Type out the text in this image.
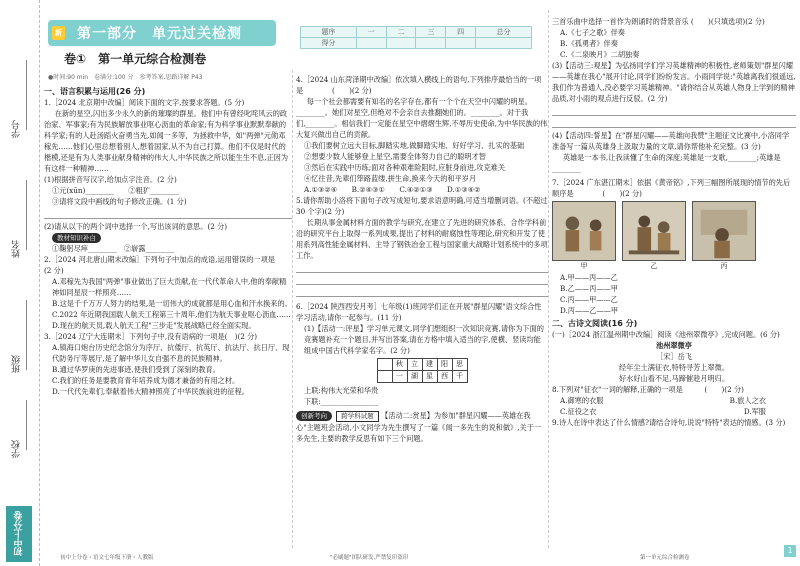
学号
姓名
班级
学校
初中上分卷
新 第一部分　单元过关检测	题序	一	二	三	四	总分
得分					
卷①　第一单元综合检测卷
●时间:90 min　卷满分:100 分　参考答案,思路详解 P43
一、语言积累与运用(26 分)
1.［2024 北京期中改编］阅读下面的文字,按要求答题。(5 分)
在新的星空,闪出多少永久的新的璀璨的群星。他们中有曾经叱咤风云的政治家、军事家;有为民族解放事业呕心沥血的革命家;有为科学事业默默奉献的科学家;有的人赴汤蹈火奋勇当先,如闻一多等，为拯救中华，如"两弹"元勋邓稼先……他们心里总想着别人,想着国家,从不为自己打算。他们不仅是时代的楷模,还是有为人类事业献身精神的伟大人,中华民族之所以能生生不息,正因为有这样一种精神……
(1)根据拼音写汉字,给加点字注音。(2 分)
①元(xūn)________　　②粗犷________
③请将文段中画线的句子修改正确。(1 分)
(2)请从以下的两个词中选择一个,写出该词的意思。(2 分)
教材知识补白
①鞠躬尽瘁________　②崭露________
2.［2024 河北唐山期末改编］下列句子中加点的成语,运用错误的一项是　　　　(2 分)
A.邓稼先为我国"两弹"事业做出了巨大贡献,在一代代革命人中,他的奉献精神如同星辰一样照亮……
B.这是千千万万人努力的结果,是一切伟大的成就都是用心血和汗水换来的。
C.2022 年近期我国载人航天工程第三十周年,他们为航天事业呕心沥血……
D.现在的航天员,载人航天工程"三步走"发展战略已经全面实现。
3.［2024 辽宁大连期末］下列句子中,没有语病的一项是(　)(2 分)
A.镇海口炮台历史纪念馆分为序厅、抗倭厅、抗英厅、抗法厅、抗日厅、现代防务厅等展厅,是了解中华儿女自强不息的民族精神。
B.通过华罗庚的先进事迹,使我们受到了深刻的教育。
C.我们的任务是要教育青年培养成为德才兼备的有用之材。
D.一代代先辈们,奉献着伟大精神照亮了中华民族前进的征程。
4.［2024 山东菏泽期中改编］依次填入横线上的语句,下列排序最恰当的一项是　　　　(　　)(2 分)
每一个社会都需要有知名的名字存在,都有一个个在天空中闪耀的明星。________。她们对星空,但绝对不会亲自去推翻她们的。________。对于我们,________。相信我们一定能在星空中熠熠生辉,不辱历史使命,为中华民族的伟大复兴做出自己的贡献。
①我们要树立远大目标,脚踏实地,做脚踏实地、好好学习、扎实的基础
②想要少数人能够登上星空,需要全体努力自己的聪明才智
③然后在实践中历练;面对各种艰难险阻时,应脏身前进,攻克难关
④忆往昔,先辈们筚路蓝缕,拼生命,换来今天的和平岁月
A.①③②④　　B.②④③①　　C.④②①③　　D.①③④②
5.请你帮助小洛将下面句子改写成短句,要求语意明确,可适当增删词语。(不超过 30 个字)(2 分)
长期从事金属材料方面的教学与研究,在建立了先进的研究体系、合作学科前沿的研究平台上取得一系列成果,提出了材料的耐腐蚀性等理论,研究和开发了使用系列高性能金属材料、主导了钢铁冶金工程与国家重大战略计划系统中的多项工作。
6.［2024 陕西西安月考］七年级(1)班同学们正在开展"群星闪耀"语文综合性学习活动,请你一起参与。(11 分)
(1)【活动一:评星】学习单元课文,同学们想组织一次知识竞赛,请你为下面的竞赛题补充一个题目,并写出答案,请在方格中填入适当的字,使横、竖读均能组成中国古代科学家名字。(2 分)
	秋	立	建	阳	思
	一	湖	星	西	千
上联:构伟大光荣和华贵
下联:________________
创新考向 跨学科试题 【活动二:赏星】为参加"群星闪耀——英雄在我心"主题班会活动,小文同学为先生撰写了一篇《闻一多先生的说和做》,关于一多先生,主要的教学反思有如下三个问题。
三首乐曲中选择一首作为朗诵时的背景音乐 (　　)(只填选项)(2 分)
A.《七子之歌》伴奏
B.《孤勇者》伴奏
C.《二泉映月》二胡独奏
(3)【活动三:观星】为弘扬同学们学习英雄精神的积极性,老师策划"群星闪耀——英雄在我心"展开讨论,同学们纷纷发言。小雨同学说:"英雄离我们很遥远,我们作为普通人,没必要学习英雄精神。"请你结合从英雄人物身上学到的精神品质,对小雨的观点进行反驳。(2 分)
(4)【活动四:誓星】在"群星闪耀——英雄向我赞"主题征文比赛中,小洛同学准备写一篇从英雄身上汲取力量的文章,请你帮他补充完整。(3 分)
英雄是一本书,让我读懂了生命的深度;英雄是一支歌,________;英雄是________
7.［2024 广东湛江期末］依据《黄帝铭》,下列三幅图所展现的情节的先后顺序是　　　　(　　)(2 分)
甲	乙	丙
A.甲——丙——乙
B.乙——丙——甲
C.丙——甲——乙
D.丙——乙——甲
二、古诗文阅读(16 分)
(一)［2024 浙江温州期中改编］阅读《池州翠微亭》,完成问题。(6 分)
池州翠微亭
［宋］岳飞
经年尘土满征衣,特特寻芳上翠微。
好水好山看不足,马蹄催趁月明归。
8.下列对"征衣"一词的解释,正确的一项是　　　(　　)(2 分)
A.御寒的衣服	B.旅人之衣
C.征役之衣	D.军服
9.诗人在诗中表达了什么情感?请结合诗句,说说"特特"表达的情感。(3 分)
初中上分卷・语文七年级下册・人教版	"必刷题"团队研发,严禁复印盗印	第一单元综合检测卷
1
